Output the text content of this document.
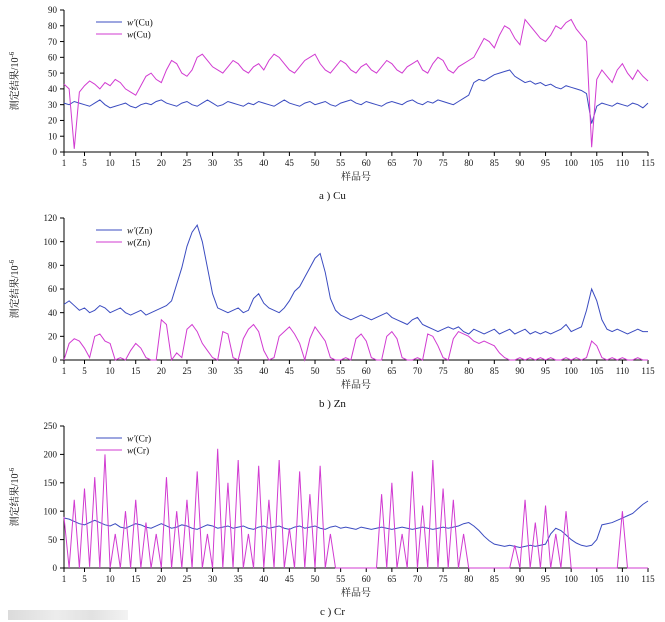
0
10
20
30
40
50
60
70
80
90
1 5 10 15 20 25 30 35 40 45 50 55 60 65 70 75 80 85 90 95 100 105 110 115
测定结果$/10^{-6}$
样品号
w'(Cu)
w(Cu)
a ) Cu
0
20
40
60
80
100
120
1 5 10 15 20 25 30 35 40 45 50 55 60 65 70 75 80 85 90 95 100 105 110 115
测定结果$/10^{-6}$
样品号
w'(Zn)
w(Zn)
b ) Zn
0
50
100
150
200
250
1 5 10 15 20 25 30 35 40 45 50 55 60 65 70 75 80 85 90 95 100 105 110 115
测定结果$/10^{-6}$
样品号
w'(Cr)
w(Cr)
c ) Cr
